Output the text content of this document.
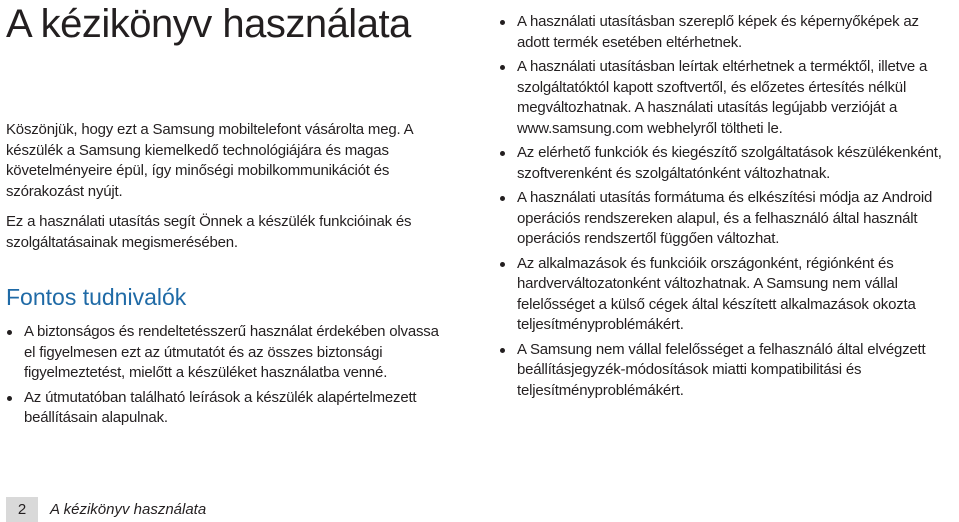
A kézikönyv használata

Köszönjük, hogy ezt a Samsung mobiltelefont vásárolta meg. A készülék a Samsung kiemelkedő technológiájára és magas követelményeire épül, így minőségi mobilkommunikációt és szórakozást nyújt.

Ez a használati utasítás segít Önnek a készülék funkcióinak és szolgáltatásainak megismerésében.

Fontos tudnivalók
A biztonságos és rendeltetésszerű használat érdekében olvassa el figyelmesen ezt az útmutatót és az összes biztonsági figyelmeztetést, mielőtt a készüléket használatba venné.
Az útmutatóban található leírások a készülék alapértelmezett beállításain alapulnak.
A használati utasításban szereplő képek és képernyőképek az adott termék esetében eltérhetnek.
A használati utasításban leírtak eltérhetnek a terméktől, illetve a szolgáltatóktól kapott szoftvertől, és előzetes értesítés nélkül megváltozhatnak. A használati utasítás legújabb verzióját a www.samsung.com webhelyről töltheti le.
Az elérhető funkciók és kiegészítő szolgáltatások készülékenként, szoftverenként és szolgáltatónként változhatnak.
A használati utasítás formátuma és elkészítési módja az Android operációs rendszereken alapul, és a felhasználó által használt operációs rendszertől függően változhat.
Az alkalmazások és funkcióik országonként, régiónként és hardverváltozatonként változhatnak. A Samsung nem vállal felelősséget a külső cégek által készített alkalmazások okozta teljesítményproblémákért.
A Samsung nem vállal felelősséget a felhasználó által elvégzett beállításjegyzék-módosítások miatti kompatibilitási és teljesítményproblémákért.
2	A kézikönyv használata
